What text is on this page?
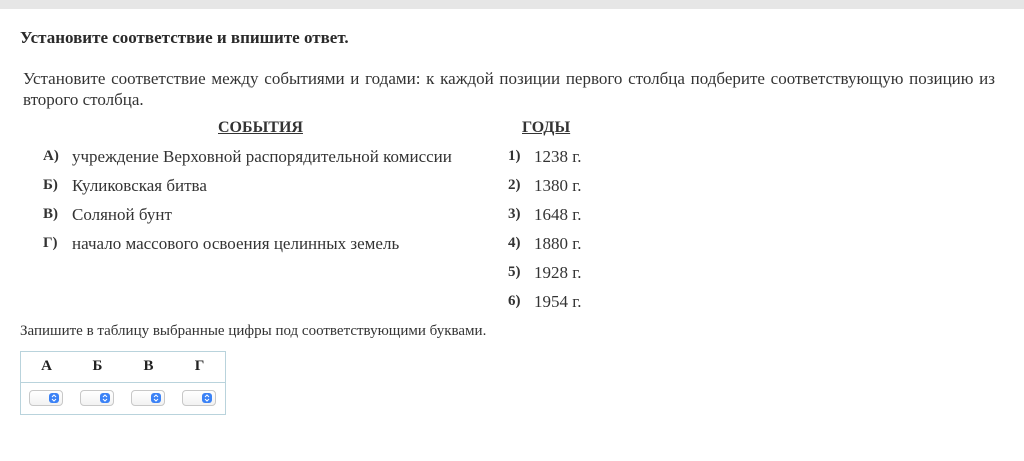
Установите соответствие и впишите ответ.
Установите соответствие между событиями и годами: к каждой позиции первого столбца подберите соответствующую позицию из второго столбца.
СОБЫТИЯ	ГОДЫ
А) учреждение Верховной распорядительной комиссии
Б) Куликовская битва
В) Соляной бунт
Г) начало массового освоения целинных земель
1) 1238 г.
2) 1380 г.
3) 1648 г.
4) 1880 г.
5) 1928 г.
6) 1954 г.
Запишите в таблицу выбранные цифры под соответствующими буквами.
А	Б	В	Г
